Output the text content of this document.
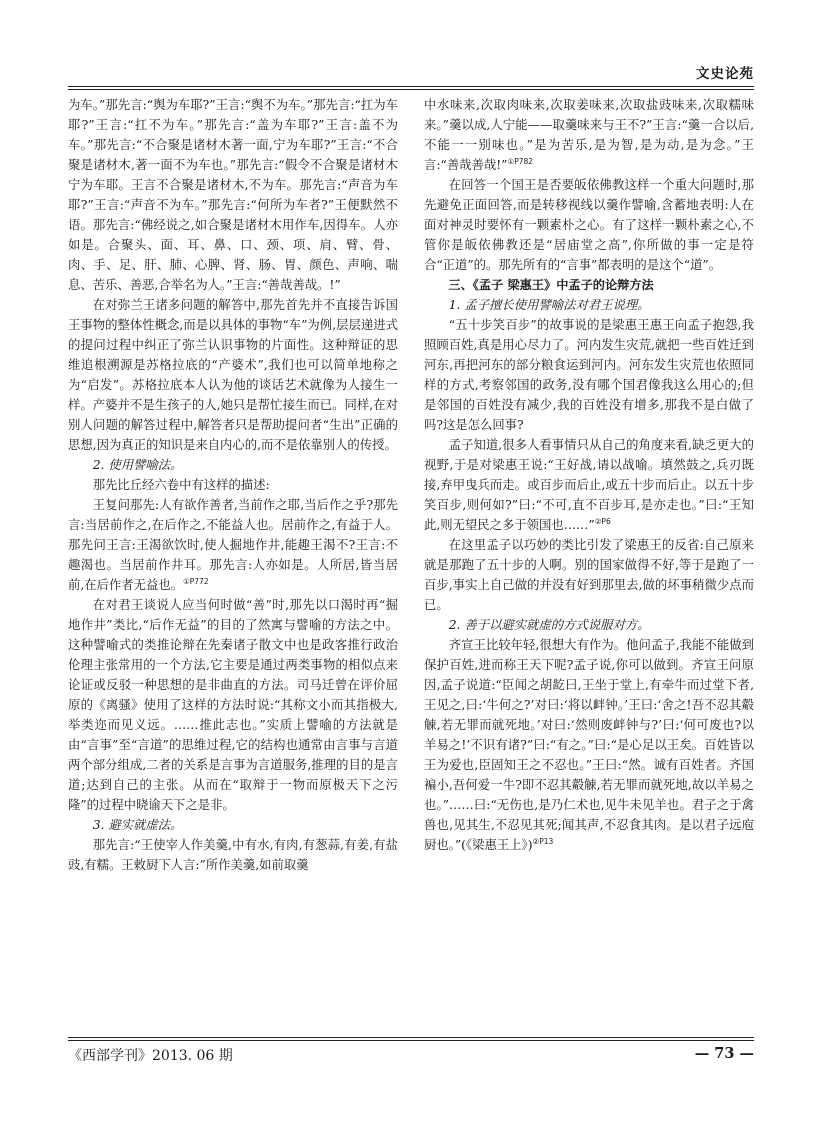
文史论苑

为车。”那先言:“舆为车耶?”王言:“舆不为车。”那先言:“扛为车耶?”王言:“扛不为车。”那先言:“盖为车耶?”王言:盖不为车。”那先言:“不合聚是诸材木著一面,宁为车耶?”王言:“不合聚是诸材木,著一面不为车也。”那先言:“假令不合聚是诸材木宁为车耶。王言不合聚是诸材木,不为车。那先言:“声音为车耶?”王言:“声音不为车。”那先言:“何所为车者?”王便默然不语。那先言:“佛经说之,如合聚是诸材木用作车,因得车。人亦如是。合聚头、面、耳、鼻、口、颈、项、肩、臂、骨、肉、手、足、肝、肺、心脾、肾、肠、胃、颜色、声响、喘息、苦乐、善恶,合举名为人。”王言:“善哉善哉。!”

在对弥兰王诸多问题的解答中,那先首先并不直接告诉国王事物的整体性概念,而是以具体的事物“车”为例,层层递进式的提问过程中纠正了弥兰认识事物的片面性。这种辩证的思维追根溯源是苏格拉底的“产婆术”,我们也可以简单地称之为“启发”。苏格拉底本人认为他的谈话艺术就像为人接生一样。产婆并不是生孩子的人,她只是帮忙接生而已。同样,在对别人问题的解答过程中,解答者只是帮助提问者“生出”正确的思想,因为真正的知识是来自内心的,而不是依靠别人的传授。

2. 使用譬喻法。

那先比丘经六卷中有这样的描述:

王复问那先:人有欲作善者,当前作之耶,当后作之乎?那先言:当居前作之,在后作之,不能益人也。居前作之,有益于人。那先问王言:王渴欲饮时,使人掘地作井,能趣王渴不?王言:不趣渴也。当居前作井耳。那先言:人亦如是。人所居,皆当居前,在后作者无益也。$^{①P772}$

在对君王谈说人应当何时做“善”时,那先以口渴时再“掘地作井”类比,“后作无益”的目的了然寓与譬喻的方法之中。这种譬喻式的类推论辩在先秦诸子散文中也是政客推行政治伦理主张常用的一个方法,它主要是通过两类事物的相似点来论证或反驳一种思想的是非曲直的方法。司马迁曾在评价屈原的《离骚》使用了这样的方法时说:“其称文小而其指极大,举类迩而见义远。……推此志也。”实质上譬喻的方法就是由“言事”至“言道”的思维过程,它的结构也通常由言事与言道两个部分组成,二者的关系是言事为言道服务,推理的目的是言道;达到自己的主张。从而在“取辩于一物而原极天下之污隆”的过程中晓谕天下之是非。

3. 避实就虚法。

那先言:“王使宰人作美羹,中有水,有肉,有葱蒜,有姜,有盐豉,有糯。王敕厨下人言:”所作美羹,如前取羹

中水味来,次取肉味来,次取姜味来,次取盐豉味来,次取糯味来。”羹以成,人宁能——取羹味来与王不?”王言:“羹一合以后,不能一一别味也。”是为苦乐,是为智,是为动,是为念。”王言:“善哉善哉!”$^{①P782}$

在回答一个国王是否要皈依佛教这样一个重大问题时,那先避免正面回答,而是转移视线以羹作譬喻,含蓄地表明:人在面对神灵时要怀有一颗素朴之心。有了这样一颗朴素之心,不管你是皈依佛教还是“居庙堂之高”,你所做的事一定是符合“正道”的。那先所有的“言事”都表明的是这个“道”。

三、《孟子 梁惠王》中孟子的论辩方法

1. 孟子擅长使用譬喻法对君王说理。

“五十步笑百步”的故事说的是梁惠王惠王向孟子抱怨,我照顾百姓,真是用心尽力了。河内发生灾荒,就把一些百姓迁到河东,再把河东的部分粮食运到河内。河东发生灾荒也依照同样的方式,考察邻国的政务,没有哪个国君像我这么用心的;但是邻国的百姓没有减少,我的百姓没有增多,那我不是白做了吗?这是怎么回事?

孟子知道,很多人看事情只从自己的角度来看,缺乏更大的视野,于是对梁惠王说:“王好战,请以战喻。填然鼓之,兵刃既接,弃甲曳兵而走。或百步而后止,或五十步而后止。以五十步笑百步,则何如?”曰:“不可,直不百步耳,是亦走也。”曰:“王知此,则无望民之多于领国也……”$^{②P6}$

在这里孟子以巧妙的类比引发了梁惠王的反省:自己原来就是那跑了五十步的人啊。别的国家做得不好,等于是跑了一百步,事实上自己做的并没有好到那里去,做的坏事稍微少点而已。

2. 善于以避实就虚的方式说服对方。

齐宣王比较年轻,很想大有作为。他问孟子,我能不能做到保护百姓,进而称王天下呢?孟子说,你可以做到。齐宣王问原因,孟子说道:“臣闻之胡龁曰,王坐于堂上,有牵牛而过堂下者,王见之,曰:‘牛何之?’对曰:‘将以衅钟。’王曰:‘舍之!吾不忍其觳觫,若无罪而就死地。’对曰:‘然则废衅钟与?’曰:‘何可废也?以羊易之!’不识有诸?”曰:“有之。”曰:“是心足以王矣。百姓皆以王为爱也,臣固知王之不忍也。”王曰:“然。诚有百姓者。齐国褊小,吾何爱一牛?即不忍其觳觫,若无罪而就死地,故以羊易之也。”……曰:“无伤也,是乃仁术也,见牛未见羊也。君子之于禽兽也,见其生,不忍见其死;闻其声,不忍食其肉。是以君子远庖厨也。”(《梁惠王上》)$^{②P13}$

《西部学刊》2013. 06 期	— 73 —
